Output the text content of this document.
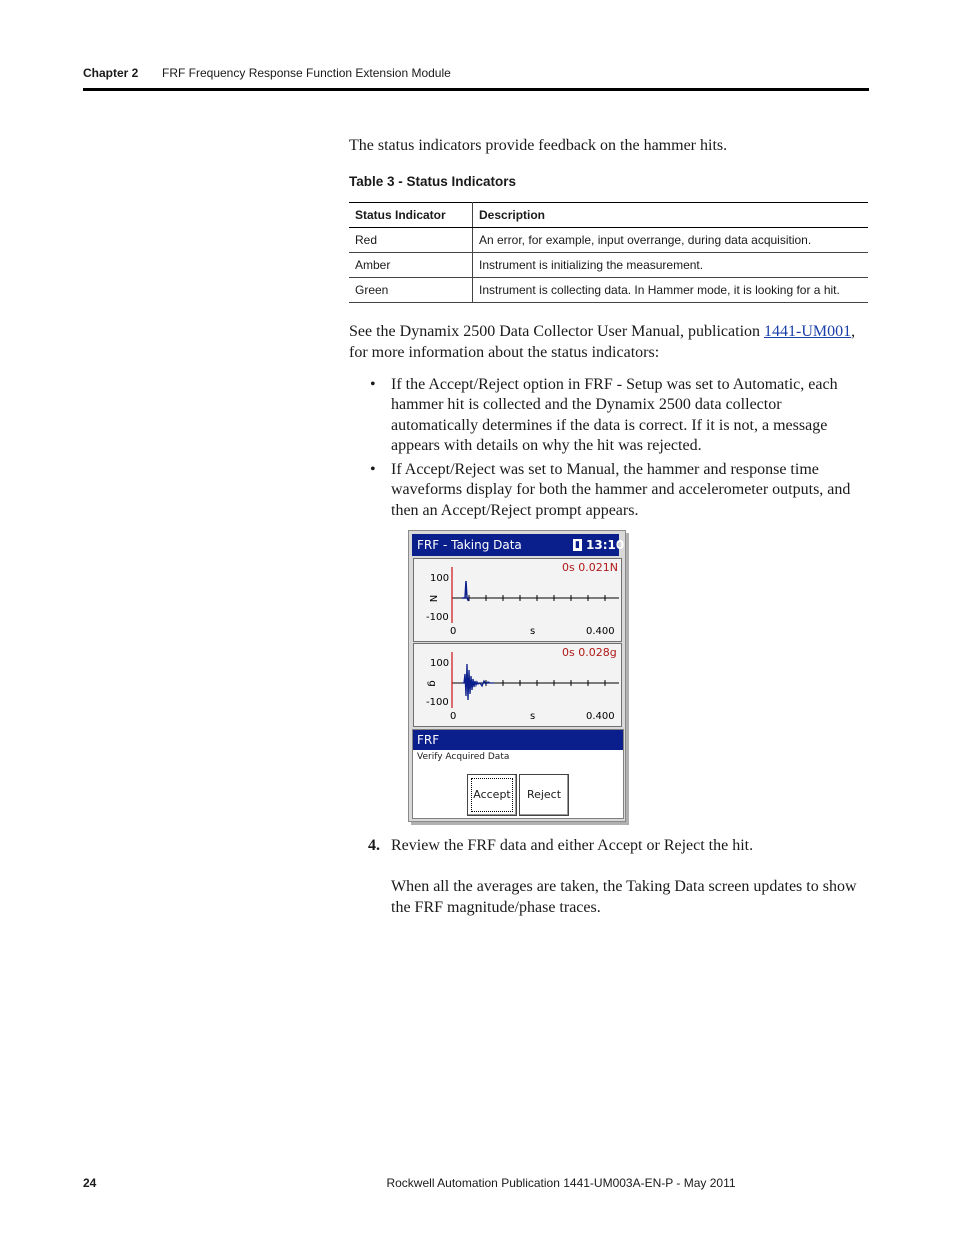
Chapter 2 FRF Frequency Response Function Extension Module
The status indicators provide feedback on the hammer hits.
Table 3 - Status Indicators
Status Indicator	Description
Red	An error, for example, input overrange, during data acquisition.
Amber	Instrument is initializing the measurement.
Green	Instrument is collecting data. In Hammer mode, it is looking for a hit.
See the Dynamix 2500 Data Collector User Manual, publication 1441-UM001, for more information about the status indicators:
• If the Accept/Reject option in FRF - Setup was set to Automatic, each hammer hit is collected and the Dynamix 2500 data collector automatically determines if the data is correct. If it is not, a message appears with details on why the hit was rejected.
• If Accept/Reject was set to Manual, the hammer and response time waveforms display for both the hammer and accelerometer outputs, and then an Accept/Reject prompt appears.
FRF - Taking Data	▮ 13:10
0s 0.021N
100
N
-100
0	s	0.400
0s 0.028g
100
g
-100
0	s	0.400
FRF
Verify Acquired Data
Accept	Reject
4. Review the FRF data and either Accept or Reject the hit.
When all the averages are taken, the Taking Data screen updates to show the FRF magnitude/phase traces.
24	Rockwell Automation Publication 1441-UM003A-EN-P - May 2011
